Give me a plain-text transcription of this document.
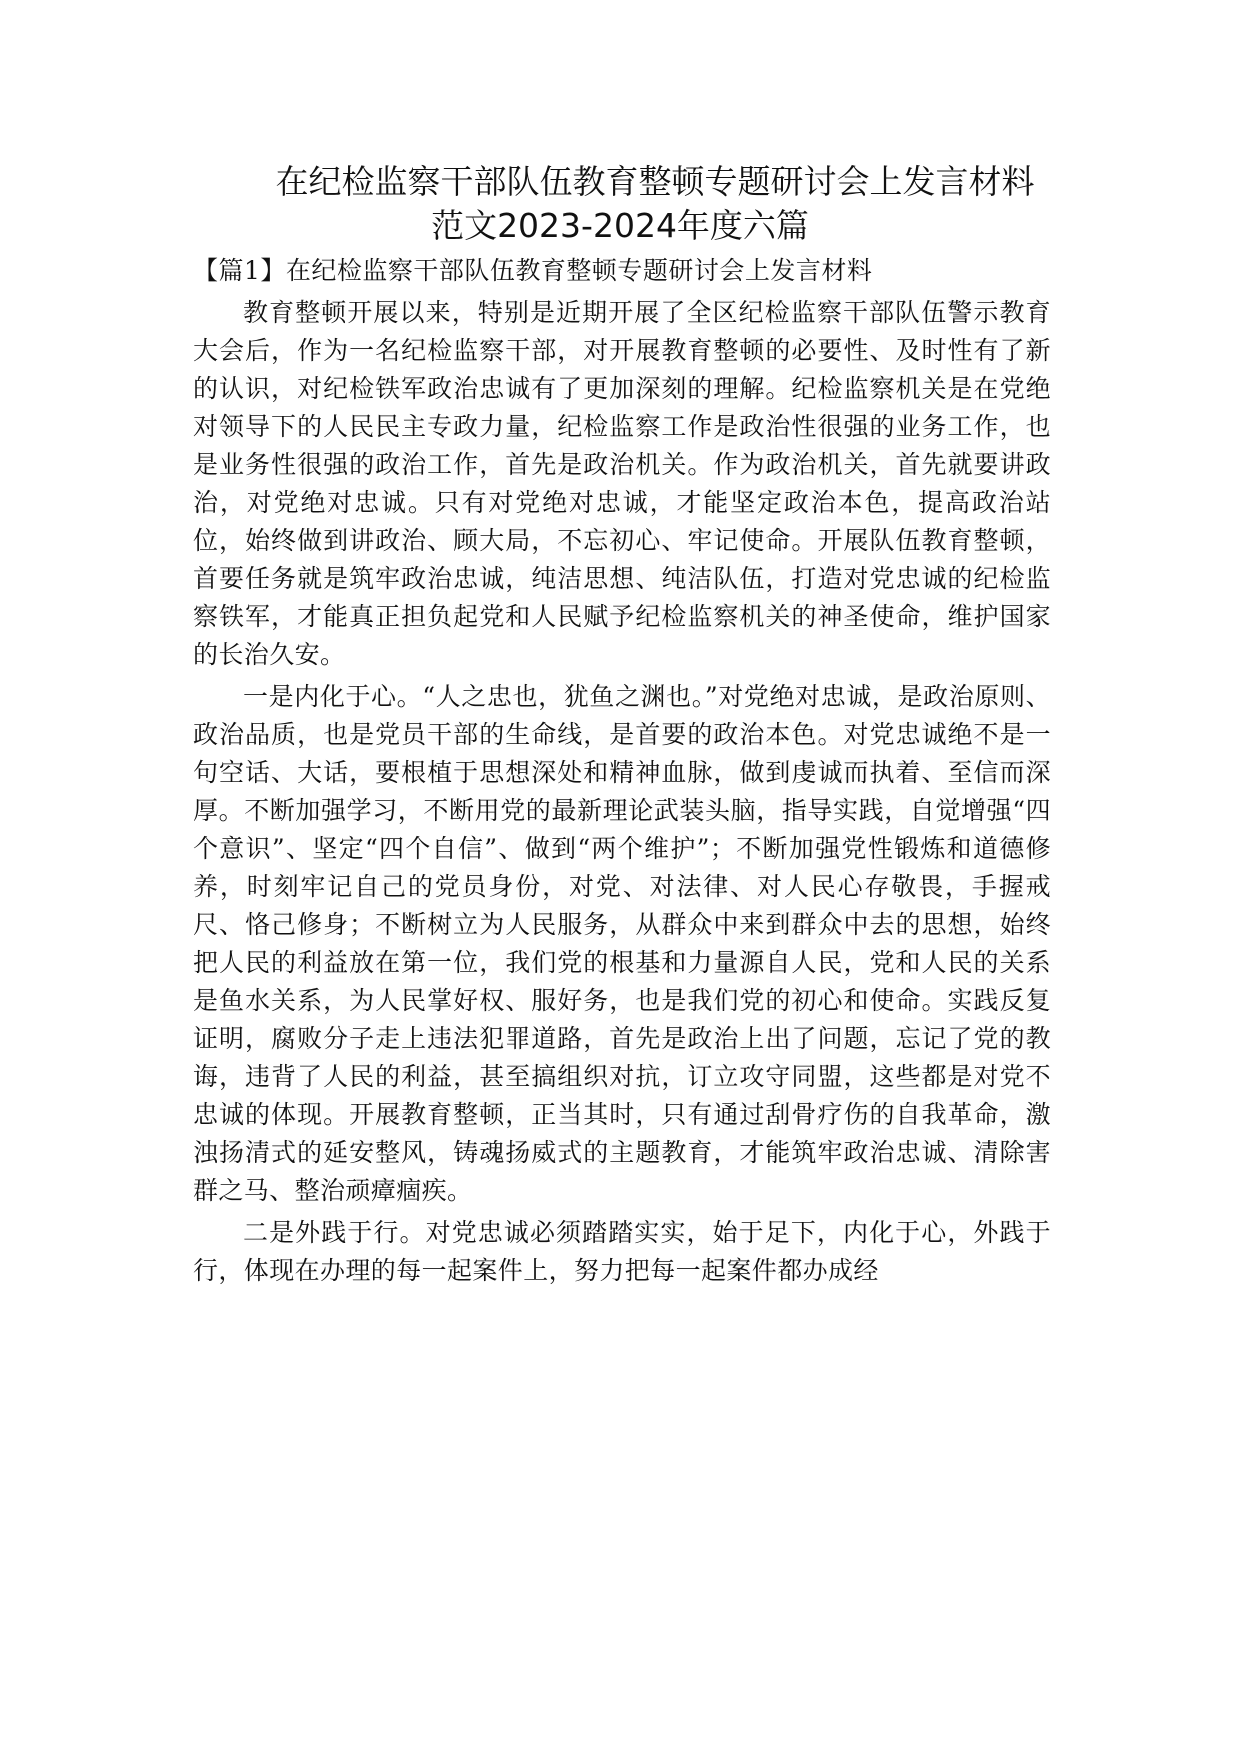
在纪检监察干部队伍教育整顿专题研讨会上发言材料
范文2023-2024年度六篇
【篇1】在纪检监察干部队伍教育整顿专题研讨会上发言材料

教育整顿开展以来，特别是近期开展了全区纪检监察干部队伍警示教育大会后，作为一名纪检监察干部，对开展教育整顿的必要性、及时性有了新的认识，对纪检铁军政治忠诚有了更加深刻的理解。纪检监察机关是在党绝对领导下的人民民主专政力量，纪检监察工作是政治性很强的业务工作，也是业务性很强的政治工作，首先是政治机关。作为政治机关，首先就要讲政治，对党绝对忠诚。只有对党绝对忠诚，才能坚定政治本色，提高政治站位，始终做到讲政治、顾大局，不忘初心、牢记使命。开展队伍教育整顿，首要任务就是筑牢政治忠诚，纯洁思想、纯洁队伍，打造对党忠诚的纪检监察铁军，才能真正担负起党和人民赋予纪检监察机关的神圣使命，维护国家的长治久安。

一是内化于心。“人之忠也，犹鱼之渊也。”对党绝对忠诚，是政治原则、政治品质，也是党员干部的生命线，是首要的政治本色。对党忠诚绝不是一句空话、大话，要根植于思想深处和精神血脉，做到虔诚而执着、至信而深厚。不断加强学习，不断用党的最新理论武装头脑，指导实践，自觉增强“四个意识”、坚定“四个自信”、做到“两个维护”；不断加强党性锻炼和道德修养，时刻牢记自己的党员身份，对党、对法律、对人民心存敬畏，手握戒尺、恪己修身；不断树立为人民服务，从群众中来到群众中去的思想，始终把人民的利益放在第一位，我们党的根基和力量源自人民，党和人民的关系是鱼水关系，为人民掌好权、服好务，也是我们党的初心和使命。实践反复证明，腐败分子走上违法犯罪道路，首先是政治上出了问题，忘记了党的教诲，违背了人民的利益，甚至搞组织对抗，订立攻守同盟，这些都是对党不忠诚的体现。开展教育整顿，正当其时，只有通过刮骨疗伤的自我革命，激浊扬清式的延安整风，铸魂扬威式的主题教育，才能筑牢政治忠诚、清除害群之马、整治顽瘴痼疾。

二是外践于行。对党忠诚必须踏踏实实，始于足下，内化于心，外践于行，体现在办理的每一起案件上，努力把每一起案件都办成经
